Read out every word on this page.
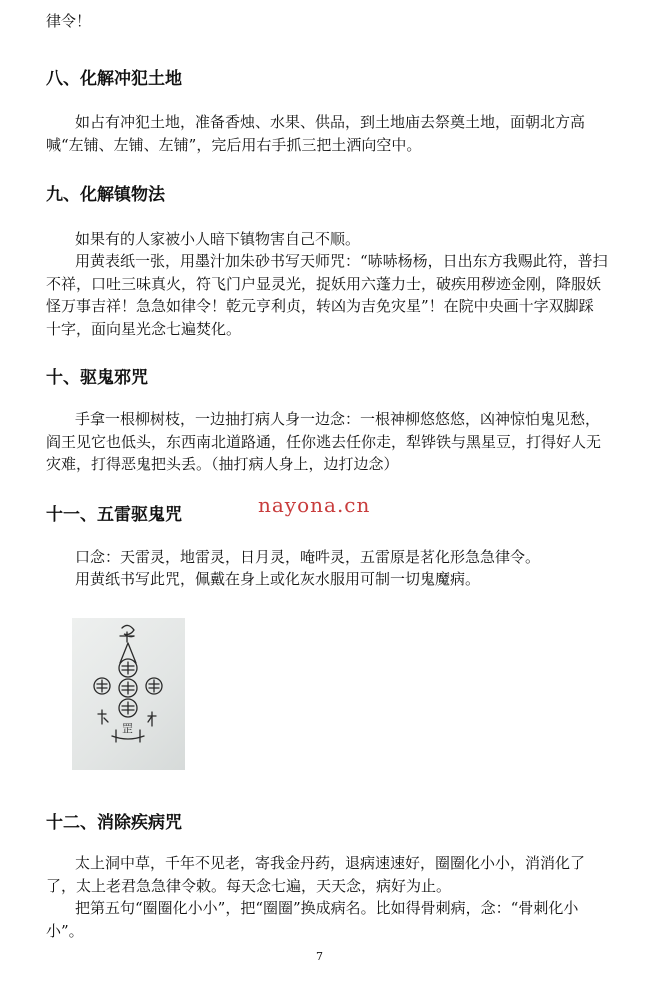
律令！
八、化解冲犯土地
如占有冲犯土地，准备香烛、水果、供品，到土地庙去祭奠土地，面朝北方高喊“左铺、左铺、左铺”，完后用右手抓三把土洒向空中。
九、化解镇物法
如果有的人家被小人暗下镇物害自己不顺。
用黄表纸一张，用墨汁加朱砂书写天师咒：“哧哧杨杨，日出东方我赐此符，普扫不祥，口吐三味真火，符飞门户显灵光，捉妖用六蓬力士，破疾用秽迹金刚，降服妖怪万事吉祥！急急如律令！乾元亨利贞，转凶为吉免灾星”！在院中央画十字双脚踩十字，面向星光念七遍焚化。
十、驱鬼邪咒
手拿一根柳树枝，一边抽打病人身一边念：一根神柳悠悠悠，凶神惊怕鬼见愁，阎王见它也低头，东西南北道路通，任你逃去任你走，犁铧铁与黑星豆，打得好人无灾难，打得恶鬼把头丢。（抽打病人身上，边打边念）
十一、五雷驱鬼咒
口念：天雷灵，地雷灵，日月灵，唵吽灵，五雷原是茗化形急急律令。
用黄纸书写此咒，佩戴在身上或化灰水服用可制一切鬼魔病。
罡
十二、消除疾病咒
太上洞中草，千年不见老，寄我金丹药，退病速速好，圈圈化小小，消消化了了，太上老君急急律令敕。每天念七遍，天天念，病好为止。
把第五句“圈圈化小小”，把“圈圈”换成病名。比如得骨刺病，念：“骨刺化小小”。
nayona.cn
7
